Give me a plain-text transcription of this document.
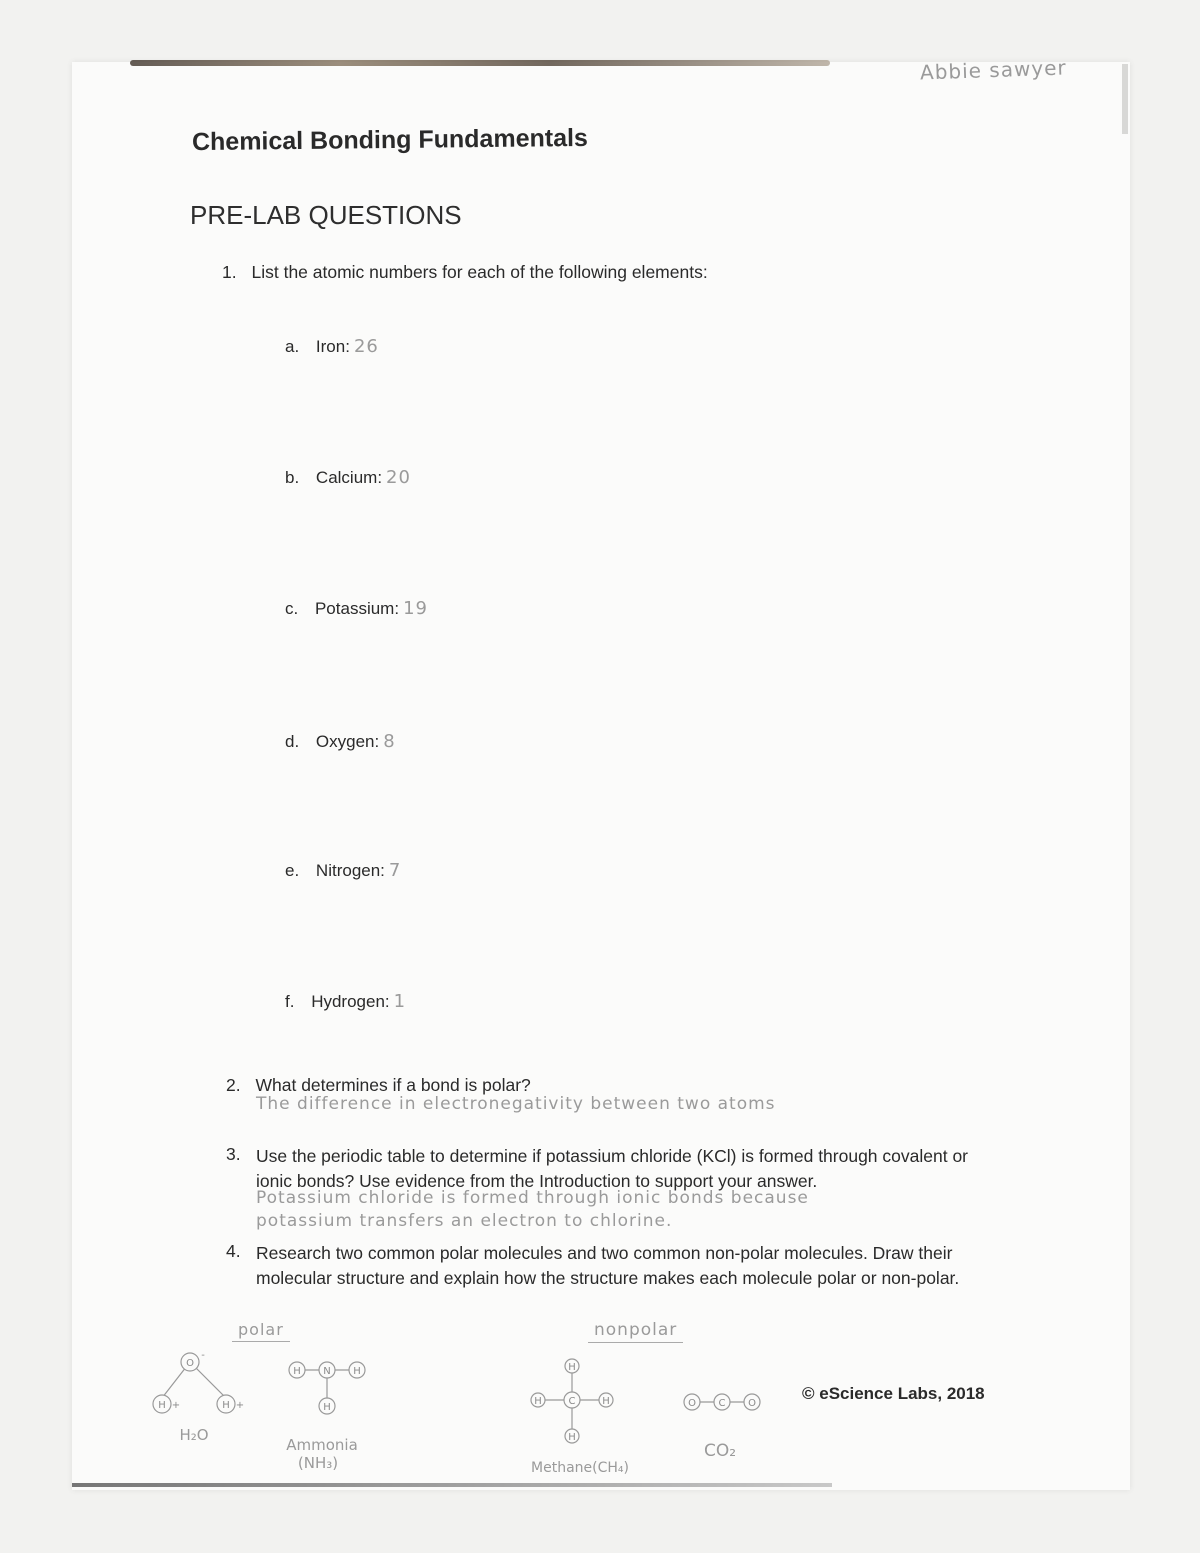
Abbie sawyer
Chemical Bonding Fundamentals
PRE-LAB QUESTIONS
1. List the atomic numbers for each of the following elements:
a. Iron: 26
b. Calcium: 20
c. Potassium: 19
d. Oxygen: 8
e. Nitrogen: 7
f. Hydrogen: 1
2. What determines if a bond is polar?
The difference in electronegativity between two atoms
3. Use the periodic table to determine if potassium chloride (KCl) is formed through covalent or ionic bonds? Use evidence from the Introduction to support your answer.
Potassium chloride is formed through ionic bonds because
potassium transfers an electron to chlorine.
4. Research two common polar molecules and two common non-polar molecules. Draw their molecular structure and explain how the structure makes each molecule polar or non-polar.
polar	nonpolar
O
-
H +	H +
H N H
H
H
H	C	H
H
O C O
H₂O
Ammonia
(NH₃)	Methane(CH₄)
CO₂
© eScience Labs, 2018
